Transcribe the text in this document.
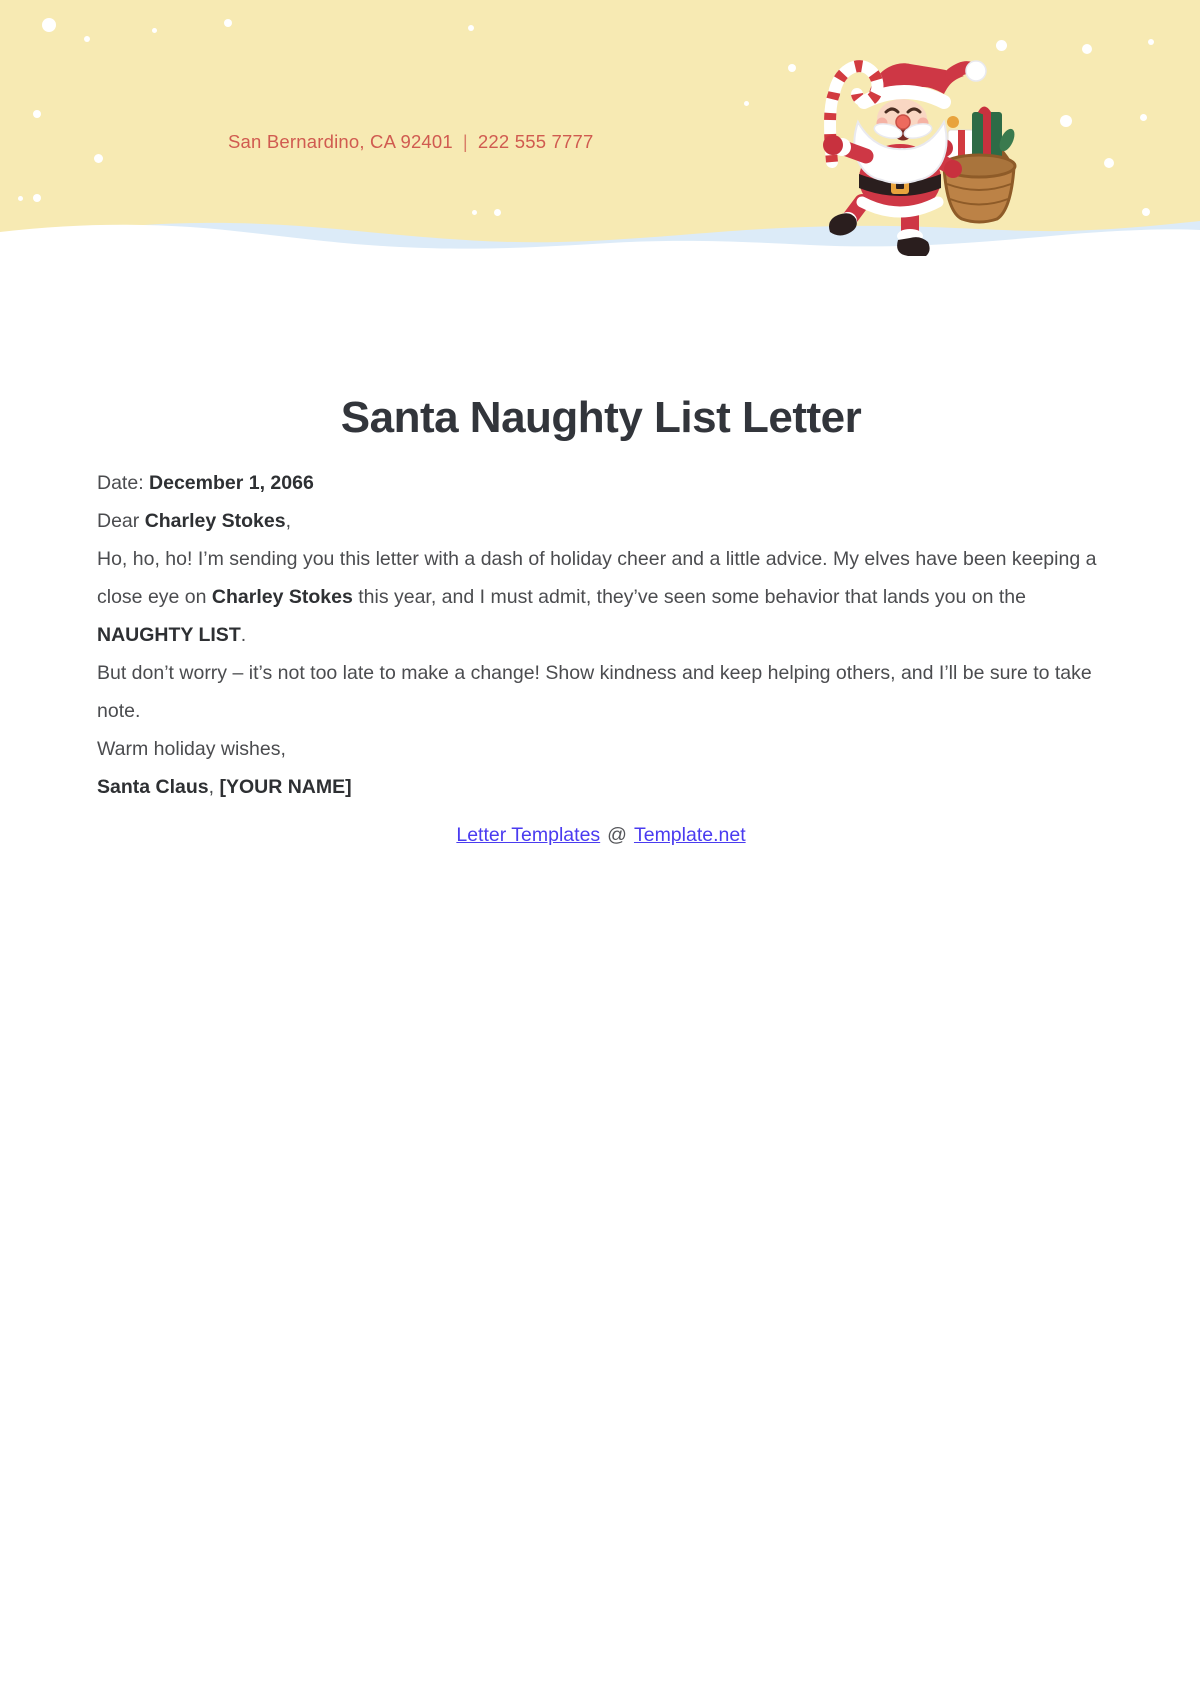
San Bernardino, CA 92401 | 222 555 7777
Santa Naughty List Letter

Date: December 1, 2066

Dear Charley Stokes,

Ho, ho, ho! I’m sending you this letter with a dash of holiday cheer and a little advice. My elves have been keeping a close eye on Charley Stokes this year, and I must admit, they’ve seen some behavior that lands you on the NAUGHTY LIST.

But don’t worry – it’s not too late to make a change! Show kindness and keep helping others, and I’ll be sure to take note.

Warm holiday wishes,

Santa Claus, [YOUR NAME]

Letter Templates @ Template.net
